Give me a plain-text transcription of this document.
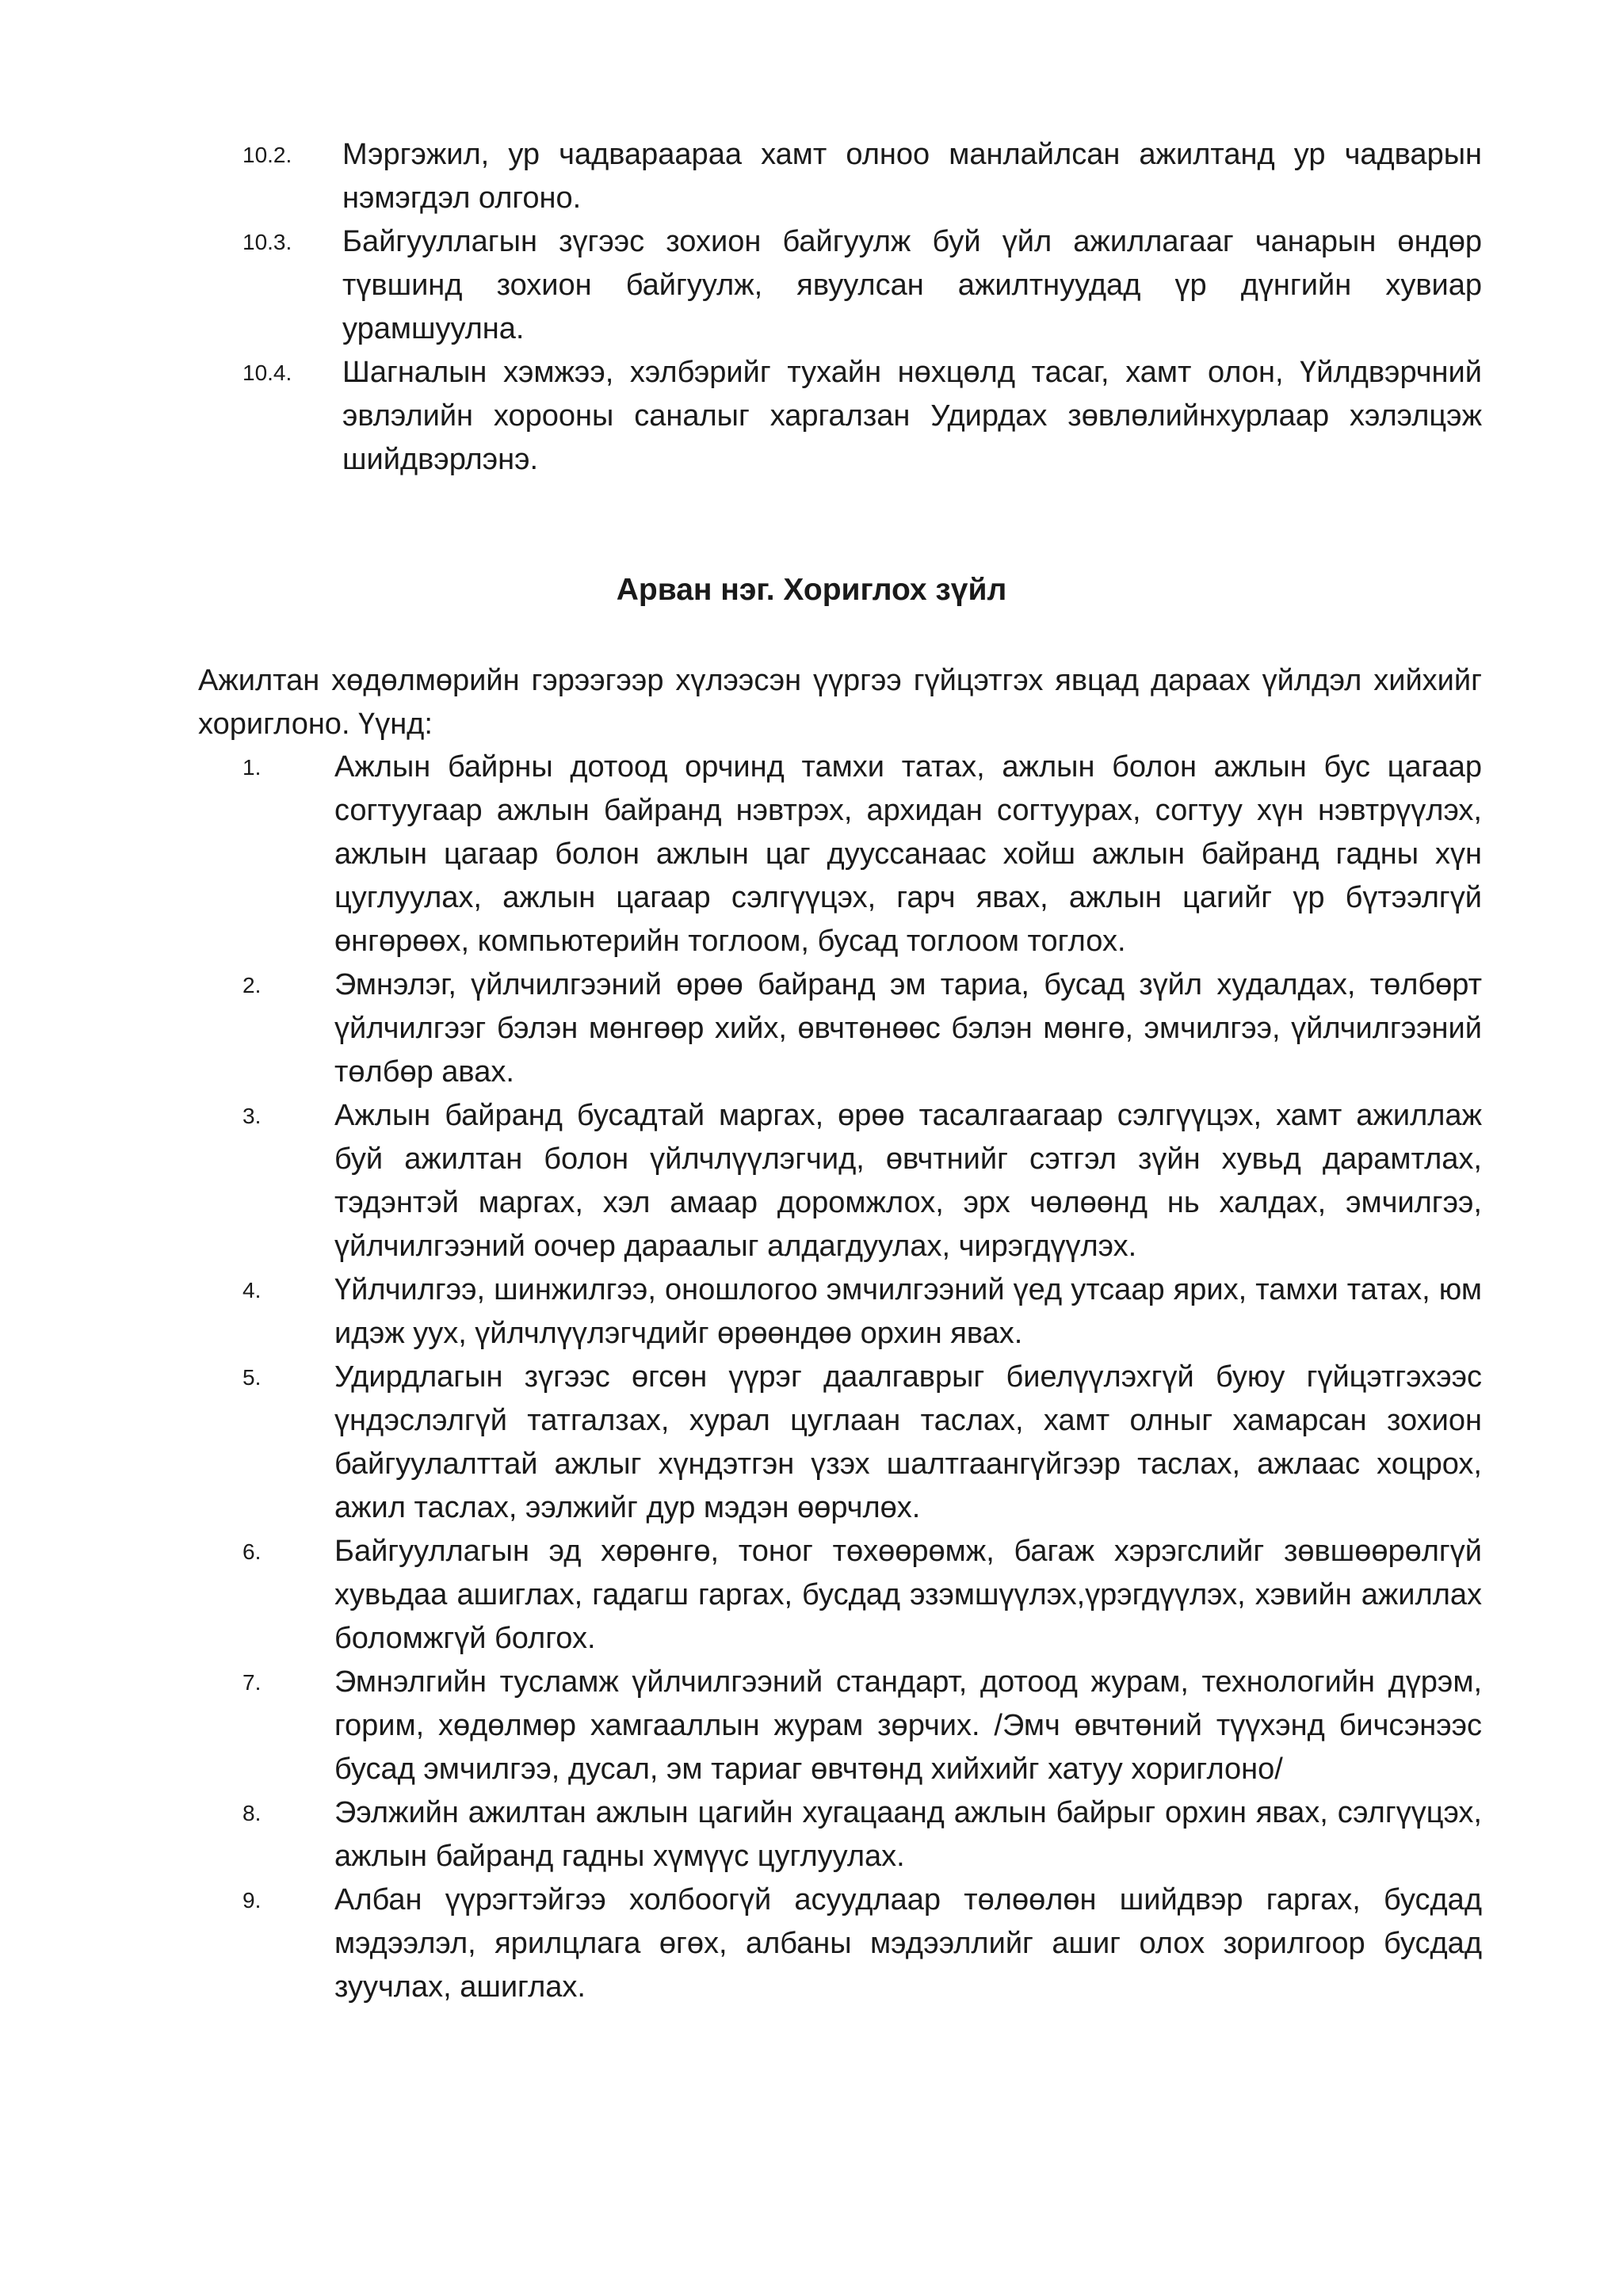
10.2.	Мэргэжил, ур чадвараараа хамт олноо манлайлсан ажилтанд ур чадварын нэмэгдэл олгоно.
10.3.	Байгууллагын зүгээс зохион байгуулж буй үйл ажиллагааг чанарын өндөр түвшинд зохион байгуулж, явуулсан ажилтнуудад үр дүнгийн хувиар урамшуулна.
10.4.	Шагналын хэмжээ, хэлбэрийг тухайн нөхцөлд тасаг, хамт олон, Үйлдвэрчний эвлэлийн хорооны саналыг харгалзан Удирдах зөвлөлийнхурлаар хэлэлцэж шийдвэрлэнэ.
Арван нэг. Хориглох зүйл
Ажилтан хөдөлмөрийн гэрээгээр хүлээсэн үүргээ гүйцэтгэх явцад дараах үйлдэл хийхийг хориглоно. Үүнд:
1.	Ажлын байрны дотоод орчинд тамхи татах, ажлын болон ажлын бус цагаар согтуугаар ажлын байранд нэвтрэх, архидан согтуурах, согтуу хүн нэвтрүүлэх, ажлын цагаар болон ажлын цаг дууссанаас хойш ажлын байранд гадны хүн цуглуулах, ажлын цагаар сэлгүүцэх, гарч явах, ажлын цагийг үр бүтээлгүй өнгөрөөх, компьютерийн тоглоом, бусад тоглоом тоглох.
2.	Эмнэлэг, үйлчилгээний өрөө байранд эм тариа, бусад зүйл худалдах, төлбөрт үйлчилгээг бэлэн мөнгөөр хийх, өвчтөнөөс бэлэн мөнгө, эмчилгээ, үйлчилгээний төлбөр авах.
3.	Ажлын байранд бусадтай маргах, өрөө тасалгаагаар сэлгүүцэх, хамт ажиллаж буй ажилтан болон үйлчлүүлэгчид, өвчтнийг сэтгэл зүйн хувьд дарамтлах, тэдэнтэй маргах, хэл амаар доромжлох, эрх чөлөөнд нь халдах, эмчилгээ, үйлчилгээний оочер дараалыг алдагдуулах, чирэгдүүлэх.
4.	Үйлчилгээ, шинжилгээ, оношлогоо эмчилгээний үед утсаар ярих, тамхи татах, юм идэж уух, үйлчлүүлэгчдийг өрөөндөө орхин явах.
5.	Удирдлагын зүгээс өгсөн үүрэг даалгаврыг биелүүлэхгүй буюу гүйцэтгэхээс үндэслэлгүй татгалзах, хурал цуглаан таслах, хамт олныг хамарсан зохион байгуулалттай ажлыг хүндэтгэн үзэх шалтгаангүйгээр таслах, ажлаас хоцрох, ажил таслах, ээлжийг дур мэдэн өөрчлөх.
6.	Байгууллагын эд хөрөнгө, тоног төхөөрөмж, багаж хэрэгслийг зөвшөөрөлгүй хувьдаа ашиглах, гадагш гаргах, бусдад эзэмшүүлэх,үрэгдүүлэх, хэвийн ажиллах боломжгүй болгох.
7.	Эмнэлгийн тусламж үйлчилгээний стандарт, дотоод журам, технологийн дүрэм, горим, хөдөлмөр хамгааллын журам зөрчих. /Эмч өвчтөний түүхэнд бичсэнээс бусад эмчилгээ, дусал, эм тариаг өвчтөнд хийхийг хатуу хориглоно/
8.	Ээлжийн ажилтан ажлын цагийн хугацаанд ажлын байрыг орхин явах, сэлгүүцэх, ажлын байранд гадны хүмүүс цуглуулах.
9.	Албан үүрэгтэйгээ холбоогүй асуудлаар төлөөлөн шийдвэр гаргах, бусдад мэдээлэл, ярилцлага өгөх, албаны мэдээллийг ашиг олох зорилгоор бусдад зуучлах, ашиглах.
